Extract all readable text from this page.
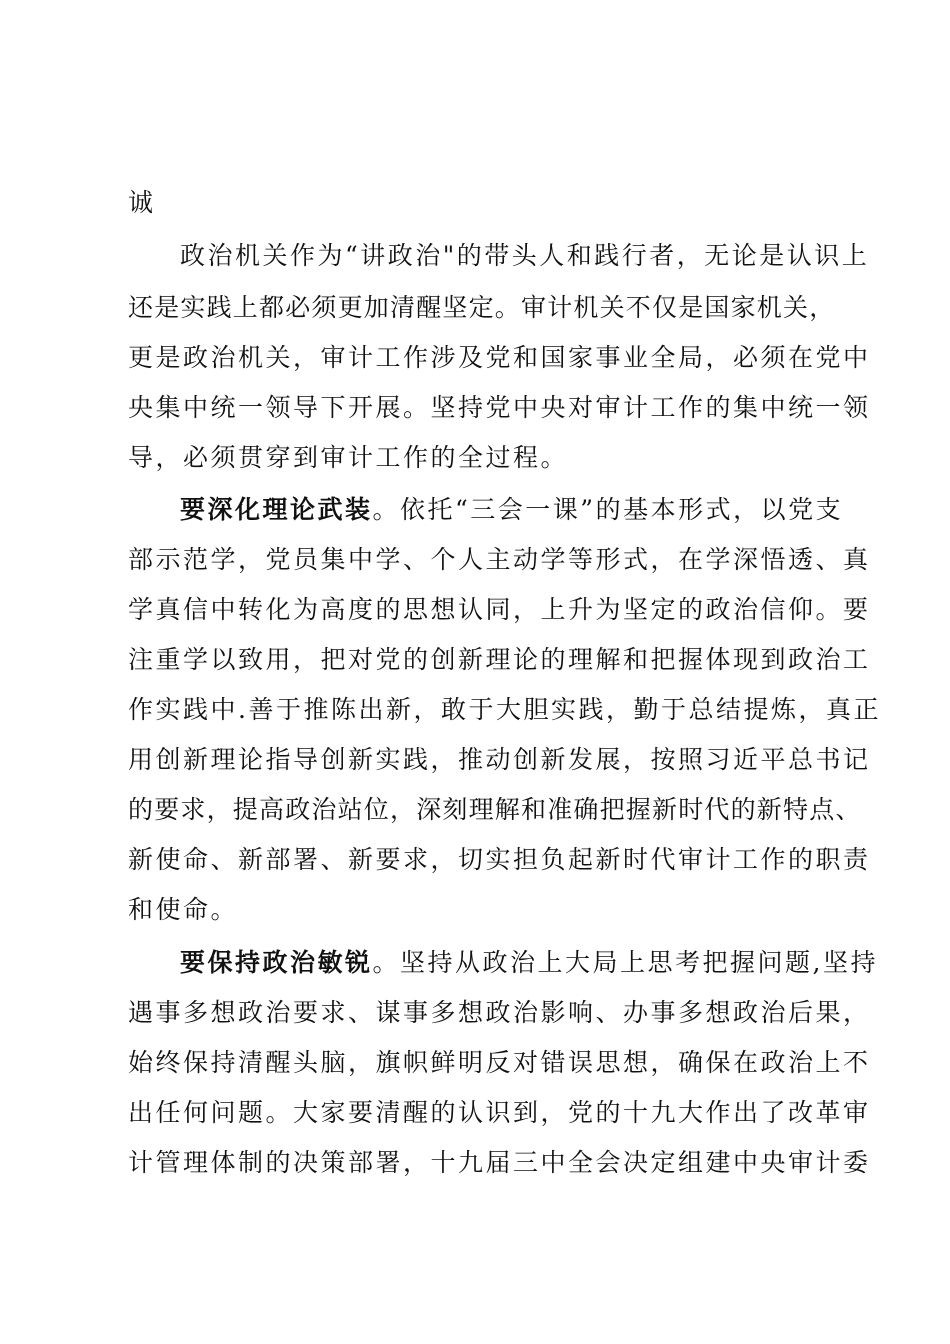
诚

政治机关作为“讲政治"的带头人和践行者，无论是认识上

还是实践上都必须更加清醒坚定。审计机关不仅是国家机关，

更是政治机关，审计工作涉及党和国家事业全局，必须在党中

央集中统一领导下开展。坚持党中央对审计工作的集中统一领

导，必须贯穿到审计工作的全过程。

要深化理论武装。依托“三会一课”的基本形式，以党支

部示范学，党员集中学、个人主动学等形式，在学深悟透、真

学真信中转化为高度的思想认同，上升为坚定的政治信仰。要

注重学以致用，把对党的创新理论的理解和把握体现到政治工

作实践中.善于推陈出新，敢于大胆实践，勤于总结提炼，真正

用创新理论指导创新实践，推动创新发展，按照习近平总书记

的要求，提高政治站位，深刻理解和准确把握新时代的新特点、

新使命、新部署、新要求，切实担负起新时代审计工作的职责

和使命。

要保持政治敏锐。坚持从政治上大局上思考把握问题,坚持

遇事多想政治要求、谋事多想政治影响、办事多想政治后果，

始终保持清醒头脑，旗帜鲜明反对错误思想，确保在政治上不

出任何问题。大家要清醒的认识到，党的十九大作出了改革审

计管理体制的决策部署，十九届三中全会决定组建中央审计委
